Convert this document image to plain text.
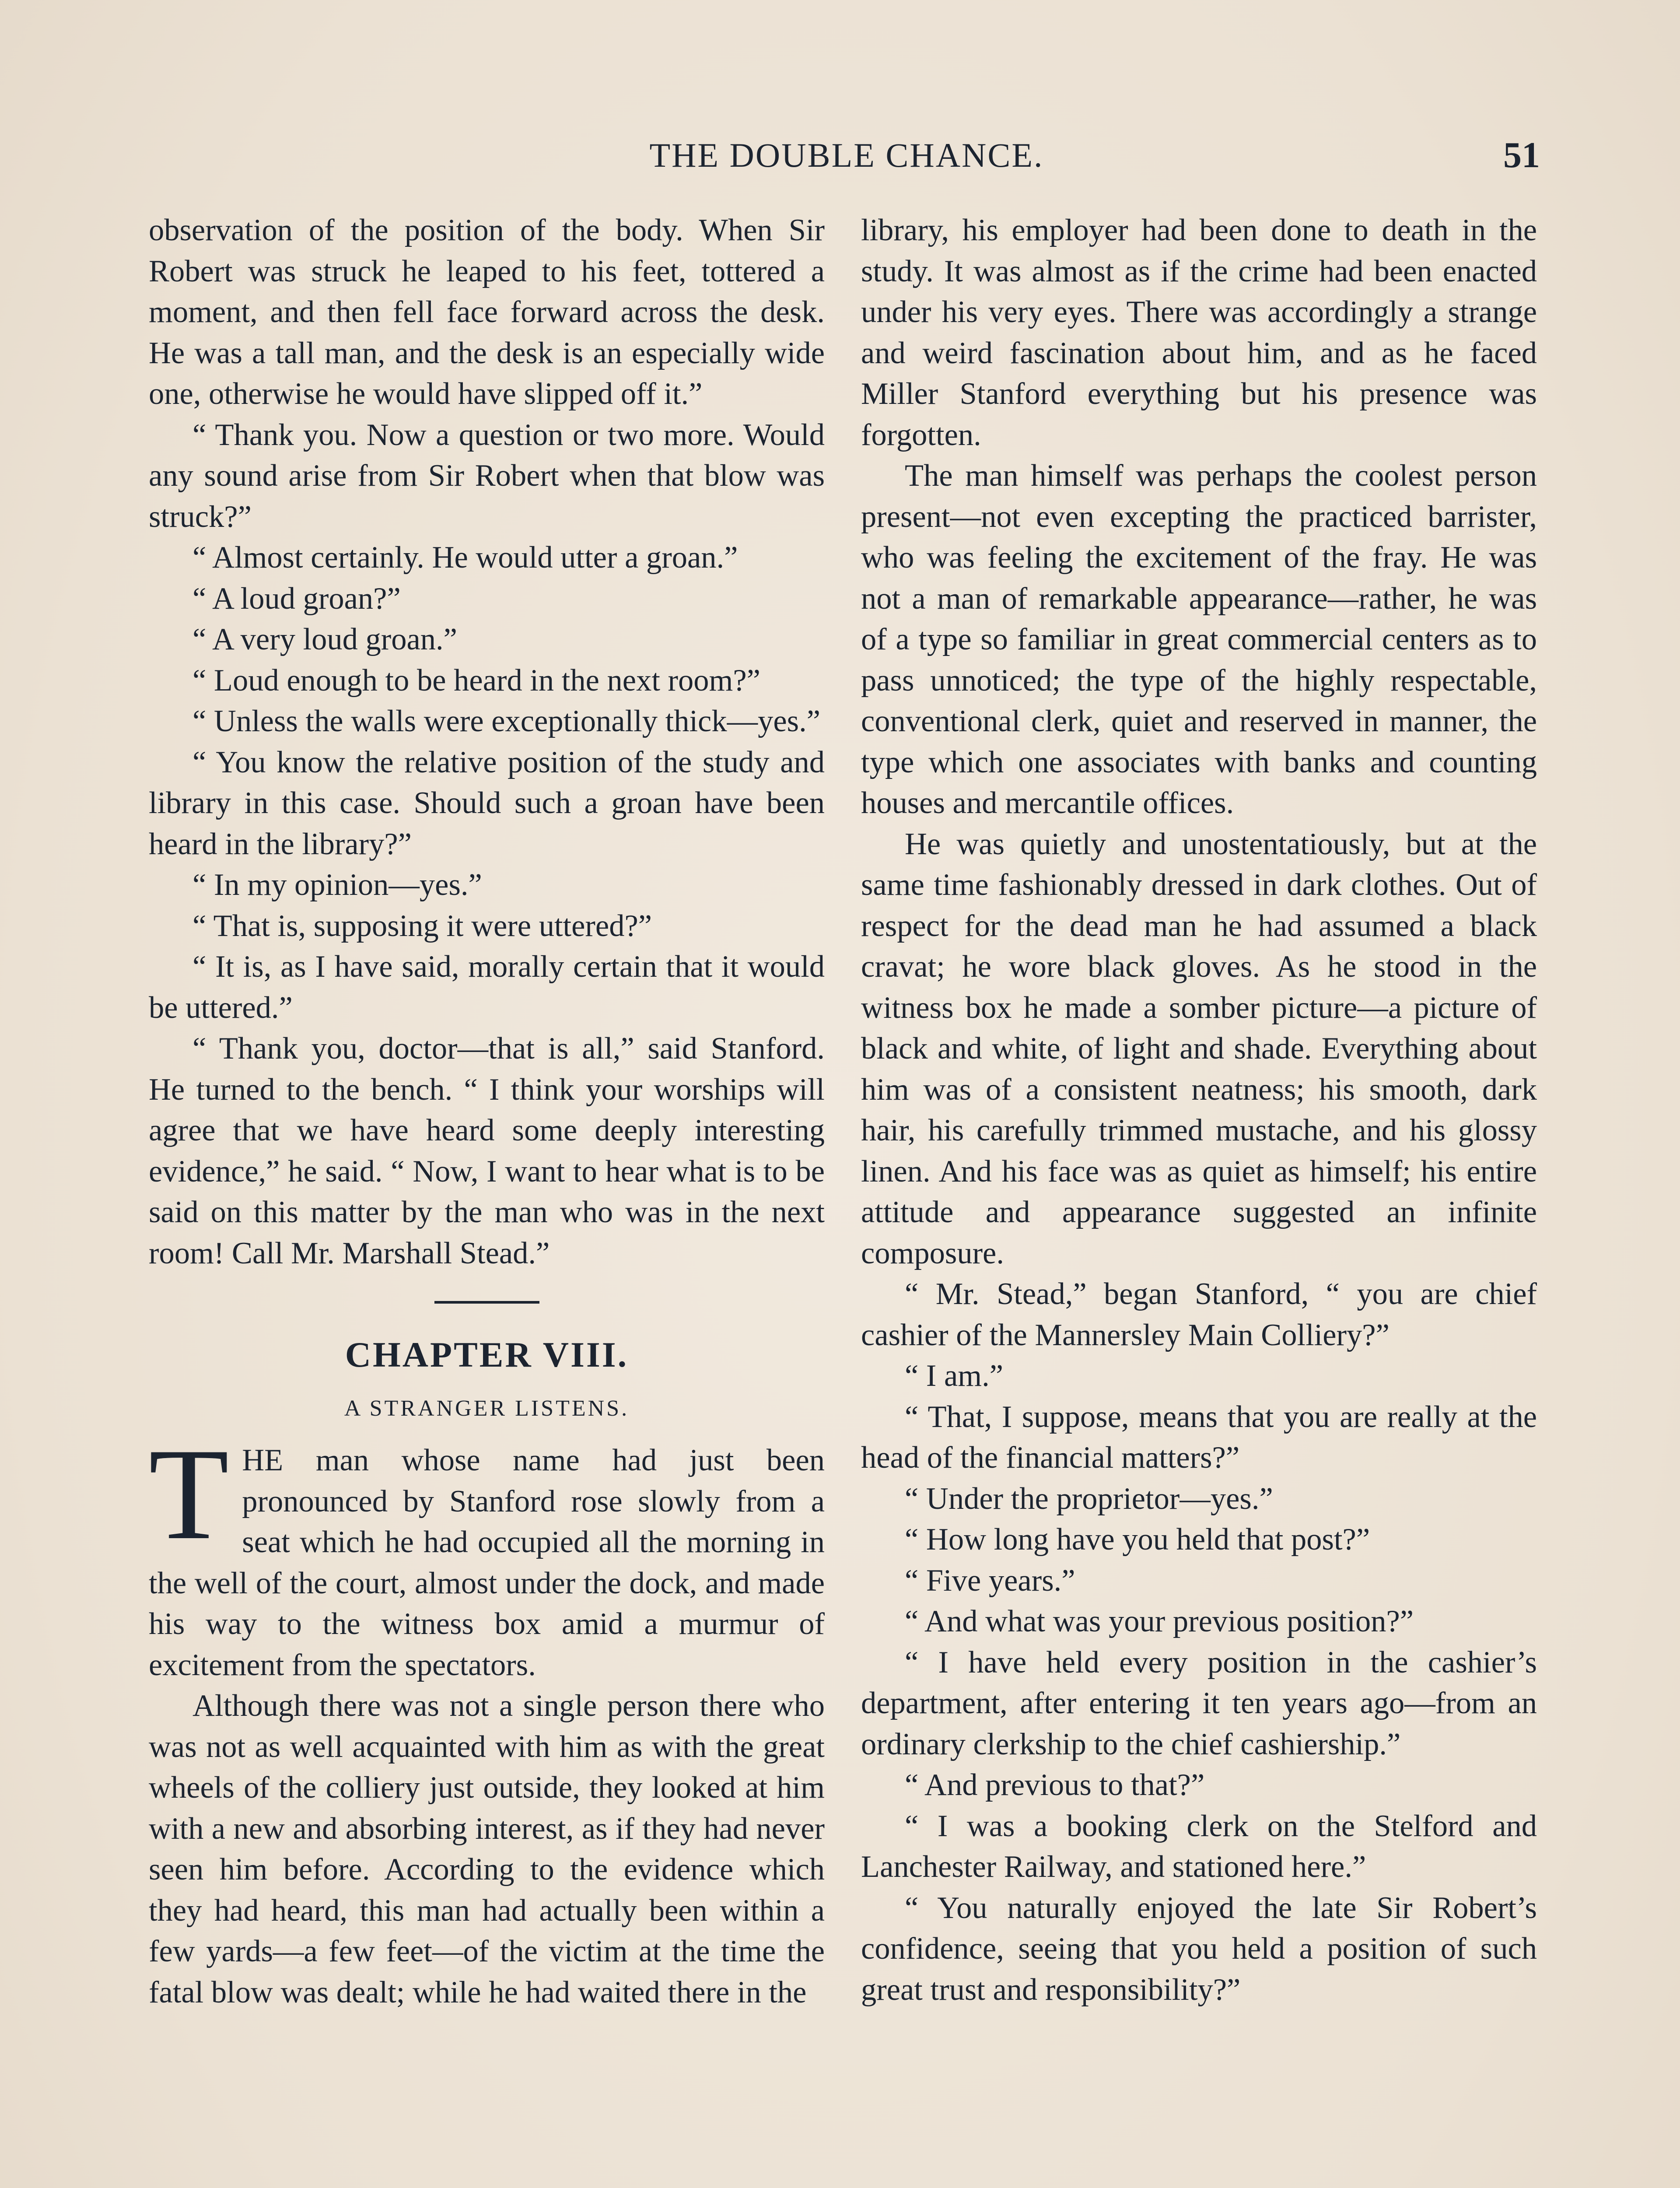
THE DOUBLE CHANCE.	51

observation of the position of the body. When Sir Robert was struck he leaped to his feet, tottered a moment, and then fell face forward across the desk. He was a tall man, and the desk is an especially wide one, otherwise he would have slipped off it.”

“ Thank you. Now a question or two more. Would any sound arise from Sir Robert when that blow was struck?”

“ Almost certainly. He would utter a groan.”

“ A loud groan?”

“ A very loud groan.”

“ Loud enough to be heard in the next room?”

“ Unless the walls were exceptionally thick—yes.”

“ You know the relative position of the study and library in this case. Should such a groan have been heard in the library?”

“ In my opinion—yes.”

“ That is, supposing it were uttered?”

“ It is, as I have said, morally certain that it would be uttered.”

“ Thank you, doctor—that is all,” said Stanford. He turned to the bench. “ I think your worships will agree that we have heard some deeply interesting evidence,” he said. “ Now, I want to hear what is to be said on this matter by the man who was in the next room! Call Mr. Marshall Stead.”

CHAPTER VIII.
A STRANGER LISTENS.

THE man whose name had just been pronounced by Stanford rose slowly from a seat which he had occupied all the morning in the well of the court, almost under the dock, and made his way to the witness box amid a murmur of excitement from the spectators.

Although there was not a single person there who was not as well acquainted with him as with the great wheels of the colliery just outside, they looked at him with a new and absorbing interest, as if they had never seen him before. According to the evidence which they had heard, this man had actually been within a few yards—a few feet—of the victim at the time the fatal blow was dealt; while he had waited there in the

library, his employer had been done to death in the study. It was almost as if the crime had been enacted under his very eyes. There was accordingly a strange and weird fascination about him, and as he faced Miller Stanford everything but his presence was forgotten.

The man himself was perhaps the coolest person present—not even excepting the practiced barrister, who was feeling the excitement of the fray. He was not a man of remarkable appearance—rather, he was of a type so familiar in great commercial centers as to pass unnoticed; the type of the highly respectable, conventional clerk, quiet and reserved in manner, the type which one associates with banks and counting houses and mercantile offices.

He was quietly and unostentatiously, but at the same time fashionably dressed in dark clothes. Out of respect for the dead man he had assumed a black cravat; he wore black gloves. As he stood in the witness box he made a somber picture—a picture of black and white, of light and shade. Everything about him was of a consistent neatness; his smooth, dark hair, his carefully trimmed mustache, and his glossy linen. And his face was as quiet as himself; his entire attitude and appearance suggested an infinite composure.

“ Mr. Stead,” began Stanford, “ you are chief cashier of the Mannersley Main Colliery?”

“ I am.”

“ That, I suppose, means that you are really at the head of the financial matters?”

“ Under the proprietor—yes.”

“ How long have you held that post?”

“ Five years.”

“ And what was your previous position?”

“ I have held every position in the cashier’s department, after entering it ten years ago—from an ordinary clerkship to the chief cashiership.”

“ And previous to that?”

“ I was a booking clerk on the Stelford and Lanchester Railway, and stationed here.”

“ You naturally enjoyed the late Sir Robert’s confidence, seeing that you held a position of such great trust and responsibility?”
